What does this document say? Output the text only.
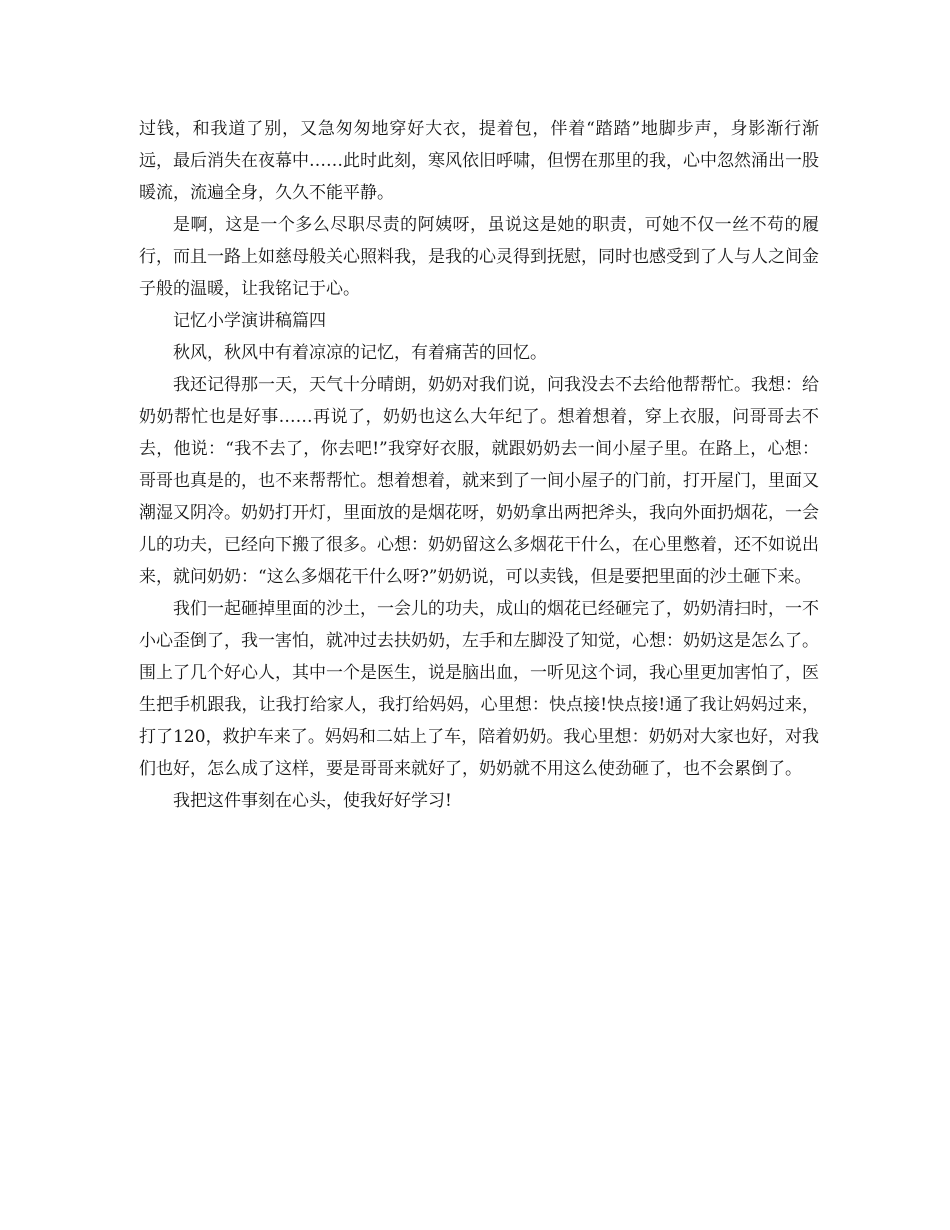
过钱，和我道了别，又急匆匆地穿好大衣，提着包，伴着“踏踏”地脚步声，身影渐行渐远，最后消失在夜幕中……此时此刻，寒风依旧呼啸，但愣在那里的我，心中忽然涌出一股暖流，流遍全身，久久不能平静。

是啊，这是一个多么尽职尽责的阿姨呀，虽说这是她的职责，可她不仅一丝不苟的履行，而且一路上如慈母般关心照料我，是我的心灵得到抚慰，同时也感受到了人与人之间金子般的温暖，让我铭记于心。

记忆小学演讲稿篇四

秋风，秋风中有着凉凉的记忆，有着痛苦的回忆。

我还记得那一天，天气十分晴朗，奶奶对我们说，问我没去不去给他帮帮忙。我想：给奶奶帮忙也是好事……再说了，奶奶也这么大年纪了。想着想着，穿上衣服，问哥哥去不去，他说：“我不去了，你去吧!”我穿好衣服，就跟奶奶去一间小屋子里。在路上，心想：哥哥也真是的，也不来帮帮忙。想着想着，就来到了一间小屋子的门前，打开屋门，里面又潮湿又阴冷。奶奶打开灯，里面放的是烟花呀，奶奶拿出两把斧头，我向外面扔烟花，一会儿的功夫，已经向下搬了很多。心想：奶奶留这么多烟花干什么，在心里憋着，还不如说出来，就问奶奶：“这么多烟花干什么呀?”奶奶说，可以卖钱，但是要把里面的沙土砸下来。

我们一起砸掉里面的沙土，一会儿的功夫，成山的烟花已经砸完了，奶奶清扫时，一不小心歪倒了，我一害怕，就冲过去扶奶奶，左手和左脚没了知觉，心想：奶奶这是怎么了。围上了几个好心人，其中一个是医生，说是脑出血，一听见这个词，我心里更加害怕了，医生把手机跟我，让我打给家人，我打给妈妈，心里想：快点接!快点接!通了我让妈妈过来，打了120，救护车来了。妈妈和二姑上了车，陪着奶奶。我心里想：奶奶对大家也好，对我们也好，怎么成了这样，要是哥哥来就好了，奶奶就不用这么使劲砸了，也不会累倒了。

我把这件事刻在心头，使我好好学习!
